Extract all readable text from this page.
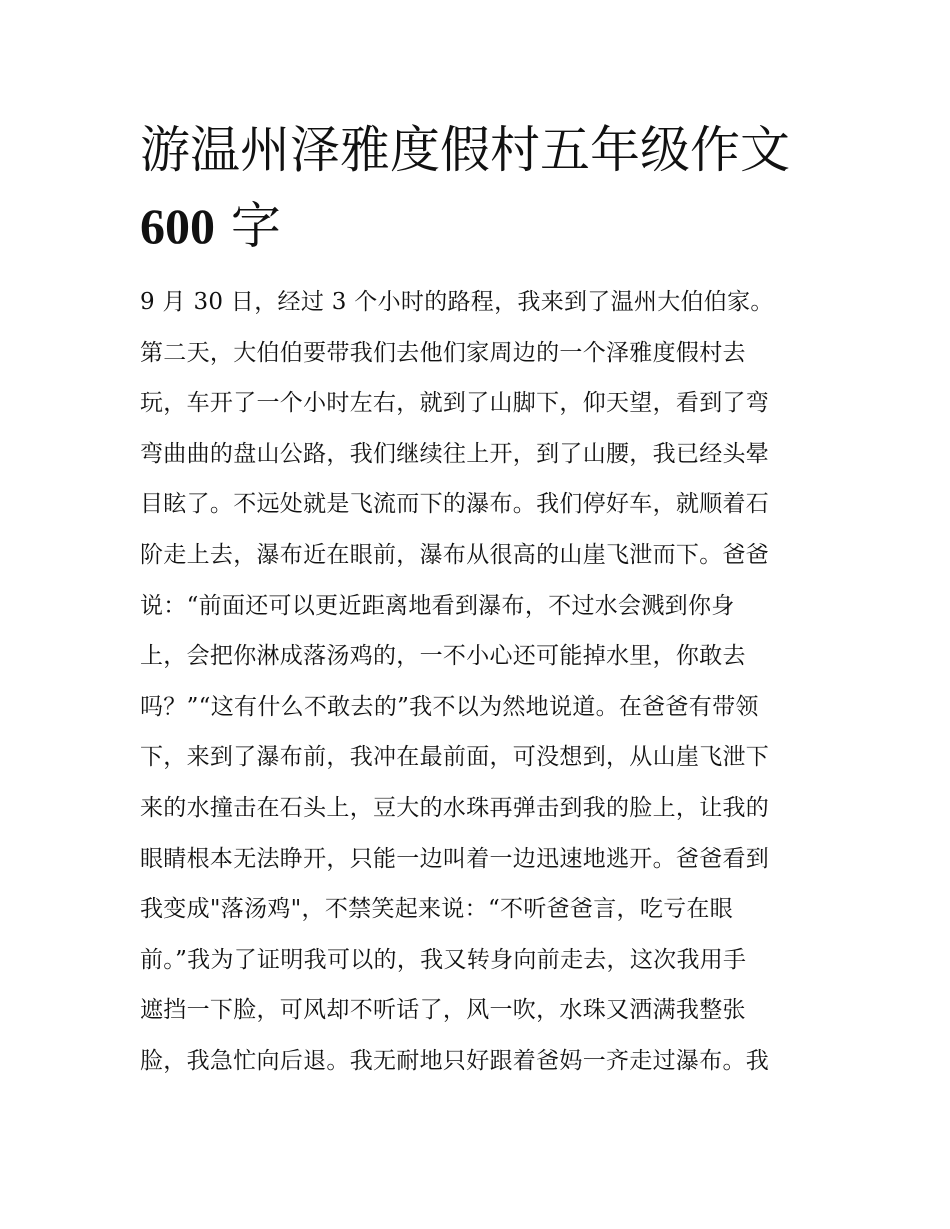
游温州泽雅度假村五年级作文
600 字
9 月 30 日，经过 3 个小时的路程，我来到了温州大伯伯家。
第二天，大伯伯要带我们去他们家周边的一个泽雅度假村去
玩，车开了一个小时左右，就到了山脚下，仰天望，看到了弯
弯曲曲的盘山公路，我们继续往上开，到了山腰，我已经头晕
目眩了。不远处就是飞流而下的瀑布。我们停好车，就顺着石
阶走上去，瀑布近在眼前，瀑布从很高的山崖飞泄而下。爸爸
说：“前面还可以更近距离地看到瀑布，不过水会溅到你身
上，会把你淋成落汤鸡的，一不小心还可能掉水里，你敢去
吗？”“这有什么不敢去的”我不以为然地说道。在爸爸有带领
下，来到了瀑布前，我冲在最前面，可没想到，从山崖飞泄下
来的水撞击在石头上，豆大的水珠再弹击到我的脸上，让我的
眼睛根本无法睁开，只能一边叫着一边迅速地逃开。爸爸看到
我变成"落汤鸡"，不禁笑起来说：“不听爸爸言，吃亏在眼
前。”我为了证明我可以的，我又转身向前走去，这次我用手
遮挡一下脸，可风却不听话了，风一吹，水珠又洒满我整张
脸，我急忙向后退。我无耐地只好跟着爸妈一齐走过瀑布。我
